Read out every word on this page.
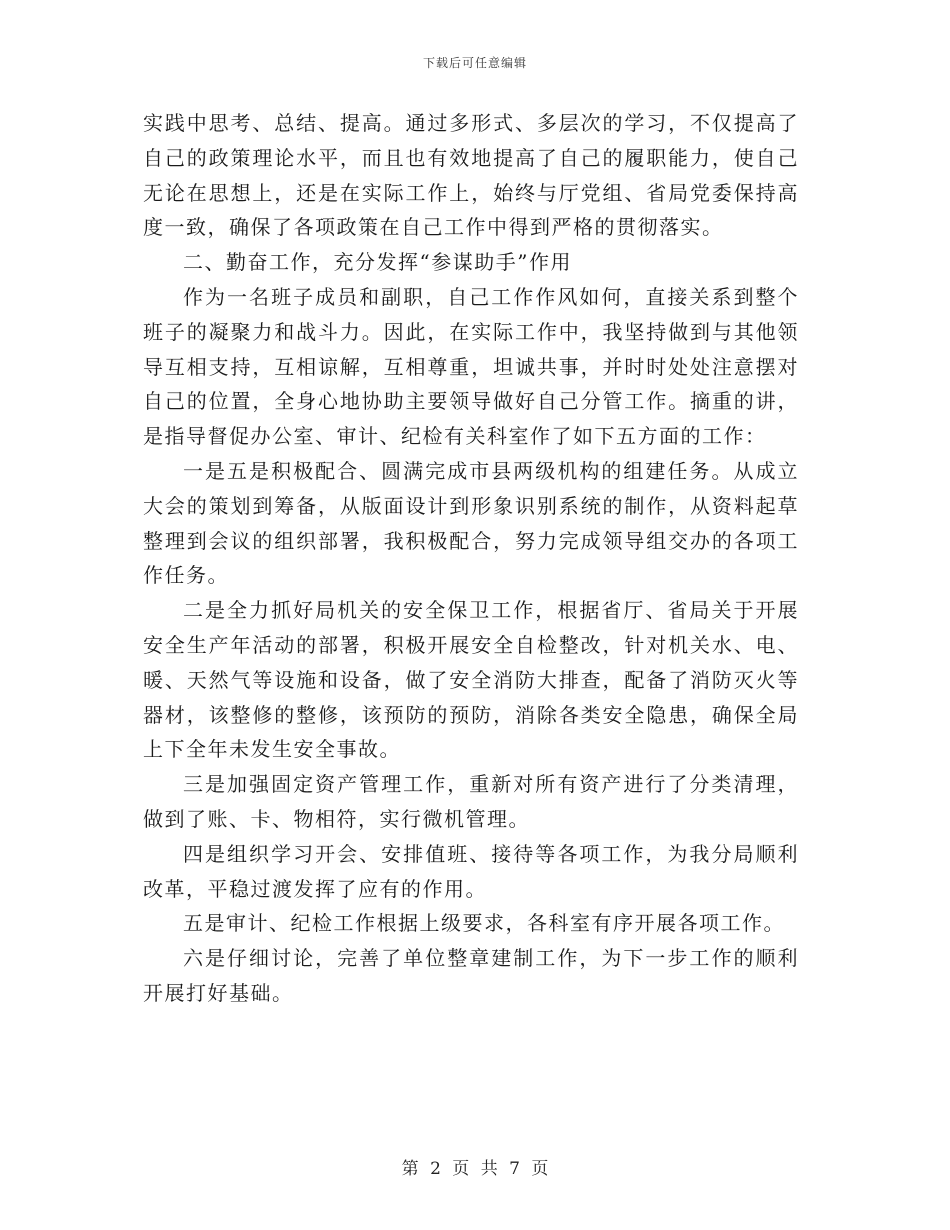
下载后可任意编辑

实践中思考、总结、提高。通过多形式、多层次的学习，不仅提高了自己的政策理论水平，而且也有效地提高了自己的履职能力，使自己无论在思想上，还是在实际工作上，始终与厅党组、省局党委保持高度一致，确保了各项政策在自己工作中得到严格的贯彻落实。

二、勤奋工作，充分发挥“参谋助手”作用

作为一名班子成员和副职，自己工作作风如何，直接关系到整个班子的凝聚力和战斗力。因此，在实际工作中，我坚持做到与其他领导互相支持，互相谅解，互相尊重，坦诚共事，并时时处处注意摆对自己的位置，全身心地协助主要领导做好自己分管工作。摘重的讲，是指导督促办公室、审计、纪检有关科室作了如下五方面的工作：

一是五是积极配合、圆满完成市县两级机构的组建任务。从成立大会的策划到筹备，从版面设计到形象识别系统的制作，从资料起草整理到会议的组织部署，我积极配合，努力完成领导组交办的各项工作任务。

二是全力抓好局机关的安全保卫工作，根据省厅、省局关于开展安全生产年活动的部署，积极开展安全自检整改，针对机关水、电、暖、天然气等设施和设备，做了安全消防大排查，配备了消防灭火等器材，该整修的整修，该预防的预防，消除各类安全隐患，确保全局上下全年未发生安全事故。

三是加强固定资产管理工作，重新对所有资产进行了分类清理，做到了账、卡、物相符，实行微机管理。

四是组织学习开会、安排值班、接待等各项工作，为我分局顺利改革，平稳过渡发挥了应有的作用。

五是审计、纪检工作根据上级要求，各科室有序开展各项工作。

六是仔细讨论，完善了单位整章建制工作，为下一步工作的顺利开展打好基础。

第 2 页 共 7 页
